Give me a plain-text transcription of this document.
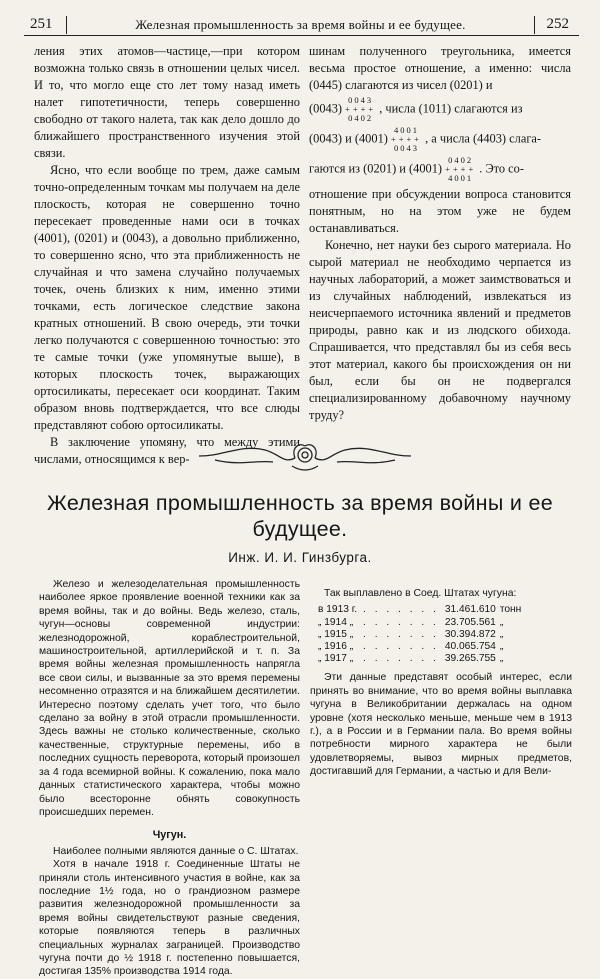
251	Железная промышленность за время войны и ее будущее.	252

ления этих атомов—частице,—при котором возможна только связь в отношении целых чисел. И то, что могло еще сто лет тому назад иметь налет гипотетичности, теперь совершенно свободно от такого налета, так как дело дошло до ближайшего пространственного изучения этой связи.

Ясно, что если вообще по трем, даже самым точно-определенным точкам мы получаем на деле плоскость, которая не совершенно точно пересекает проведенные нами оси в точках (4001), (0201) и (0043), а довольно приближенно, то совершенно ясно, что эта приближенность не случайная и что замена случайно получаемых точек, очень близких к ним, именно этими точками, есть логическое следствие закона кратных отношений. В свою очередь, эти точки легко получаются с совершенною точностью: это те самые точки (уже упомянутые выше), в которых плоскость точек, выражающих ортосиликаты, пересекает оси координат. Таким образом вновь подтверждается, что все слюды представляют собою ортосиликаты.

В заключение упомяну, что между этими числами, относящимся к вер-

шинам полученного треугольника, имеется весьма простое отношение, а именно: числа (0445) слагаются из чисел (0201) и

(0043)
0043
++++
0402
, числа (1011) слагаются из

(0043) и (4001)
4001
++++
0043
, а числа (4403) слага-

гаются из (0201) и (4001)
0402
++++
4001
. Это со-

отношение при обсуждении вопроса становится понятным, но на этом уже не будем останавливаться.

Конечно, нет науки без сырого материала. Но сырой материал не необходимо черпается из научных лабораторий, а может заимствоваться и из случайных наблюдений, извлекаться из неисчерпаемого источника явлений и предметов природы, равно как и из людского обихода. Спрашивается, что представлял бы из себя весь этот материал, какого бы происхождения он ни был, если бы он не подвергался специализированному добавочному научному труду?

Железная промышленность за время войны и ее будущее.
Инж. И. И. Гинзбурга.

Железо и железоделательная промышленность наиболее яркое проявление военной техники как за время войны, так и до войны. Ведь железо, сталь, чугун—основы современной индустрии: железнодорожной, кораблестроительной, машиностроительной, артиллерийской и т. п. За время войны железная промышленность напрягла все свои силы, и вызванные за это время перемены несомненно отразятся и на ближайшем десятилетии. Интересно поэтому сделать учет того, что было сделано за войну в этой отрасли промышленности. Здесь важны не столько количественные, сколько качественные, структурные перемены, ибо в последних сущность переворота, который произошел за 4 года всемирной войны. К сожалению, пока мало данных статистического характера, чтобы можно было всесторонне обнять совокупность происшедших перемен.

Чугун.

Наиболее полными являются данные о С. Штатах.

Хотя в начале 1918 г. Соединенные Штаты не приняли столь интенсивного участия в войне, как за последние 1½ года, но о грандиозном размере развития железнодорожной промышленности за время войны свидетельствуют разные сведения, которые появляются теперь в различных специальных журналах заграницей. Производство чугуна почти до ½ 1918 г. постепенно повышается, достигая 135% производства 1914 года.

Так выплавлено в Соед. Штатах чугуна:

в 1913 г.	. . . . . . .	31.461.610	тонн
„ 1914 „	. . . . . . .	23.705.561	„
„ 1915 „	. . . . . . .	30.394.872	„
„ 1916 „	. . . . . . .	40.065.754	„
„ 1917 „	. . . . . . .	39.265.755	„

Эти данные представят особый интерес, если принять во внимание, что во время войны выплавка чугуна в Великобритании держалась на одном уровне (хотя несколько меньше, меньше чем в 1913 г.), а в России и в Германии пала. Во время войны потребности мирного характера не были удовлетворяемы, вывоз мирных предметов, достигавший для Германии, а частью и для Вели-
